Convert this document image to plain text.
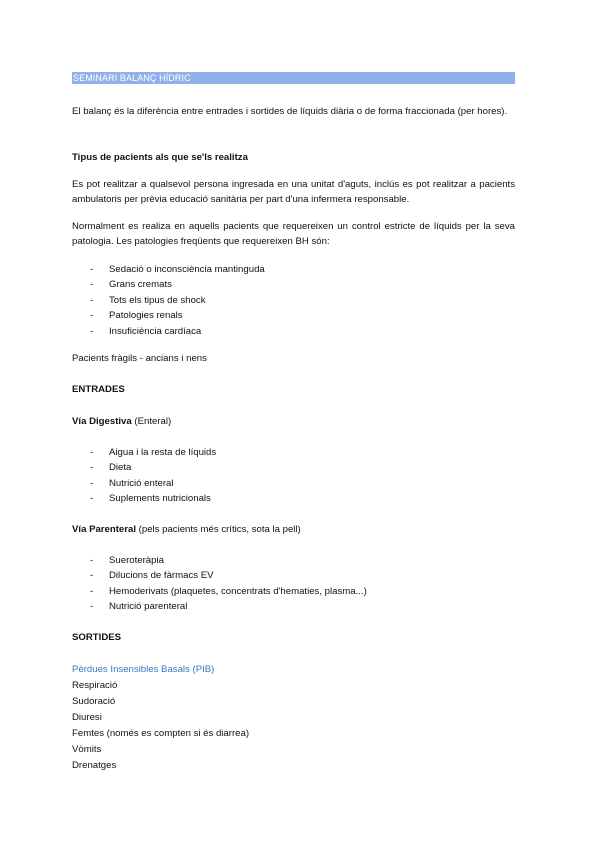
SEMINARI BALANÇ HÍDRIC

El balanç és la diferència entre entrades i sortides de líquids diària o de forma fraccionada (per hores).

Tipus de pacients als que se'ls realitza

Es pot realitzar a qualsevol persona ingresada en una unitat d'aguts, inclús es pot realitzar a pacients ambulatoris per prèvia educació sanitària per part d'una infermera responsable.

Normalment es realiza en aquells pacients que requereixen un control estricte de líquids per la seva patologia. Les patologies freqüents que requereixen BH són:

- Sedació o inconsciència mantinguda
- Grans cremats
- Tots els tipus de shock
- Patologies renals
- Insuficiència cardíaca

Pacients fràgils - ancians i nens

ENTRADES

Vía Digestiva (Enteral)

- Aigua i la resta de líquids
- Dieta
- Nutrició enteral
- Suplements nutricionals

Vía Parenteral (pels pacients més crítics, sota la pell)

- Sueroteràpia
- Dilucions de fàrmacs EV
- Hemoderivats (plaquetes, concentrats d'hematies, plasma...)
- Nutrició parenteral

SORTIDES

Pèrdues Insensibles Basals (PIB)

Respiració

Sudoració

Diuresi

Femtes (només es compten si és diarrea)

Vòmits

Drenatges
